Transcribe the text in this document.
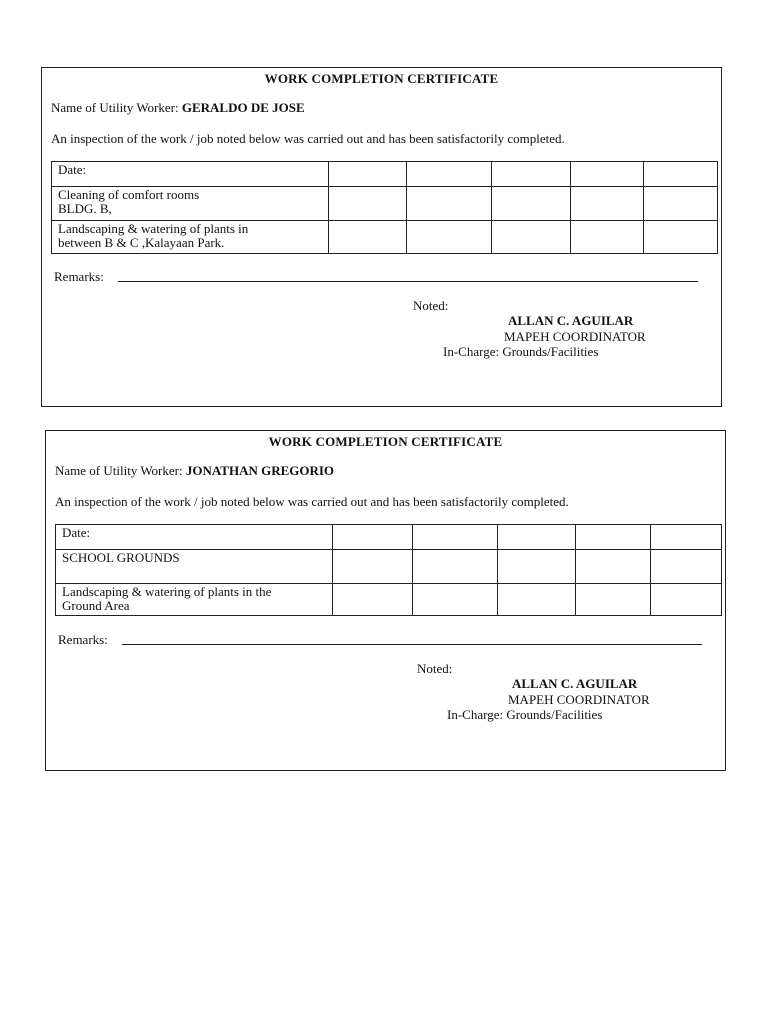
WORK COMPLETION CERTIFICATE
Name of Utility Worker: GERALDO DE JOSE
An inspection of the work / job noted below was carried out and has been satisfactorily completed.
Date:					

Cleaning of comfort rooms
BLDG. B,					

Landscaping & watering of plants in
between B & C ,Kalayaan Park.					

Remarks:
Noted:
ALLAN C. AGUILAR
MAPEH COORDINATOR
In-Charge: Grounds/Facilities
WORK COMPLETION CERTIFICATE
Name of Utility Worker: JONATHAN GREGORIO
An inspection of the work / job noted below was carried out and has been satisfactorily completed.
Date:					

SCHOOL GROUNDS					

Landscaping & watering of plants in the
Ground Area					

Remarks:
Noted:
ALLAN C. AGUILAR
MAPEH COORDINATOR
In-Charge: Grounds/Facilities
